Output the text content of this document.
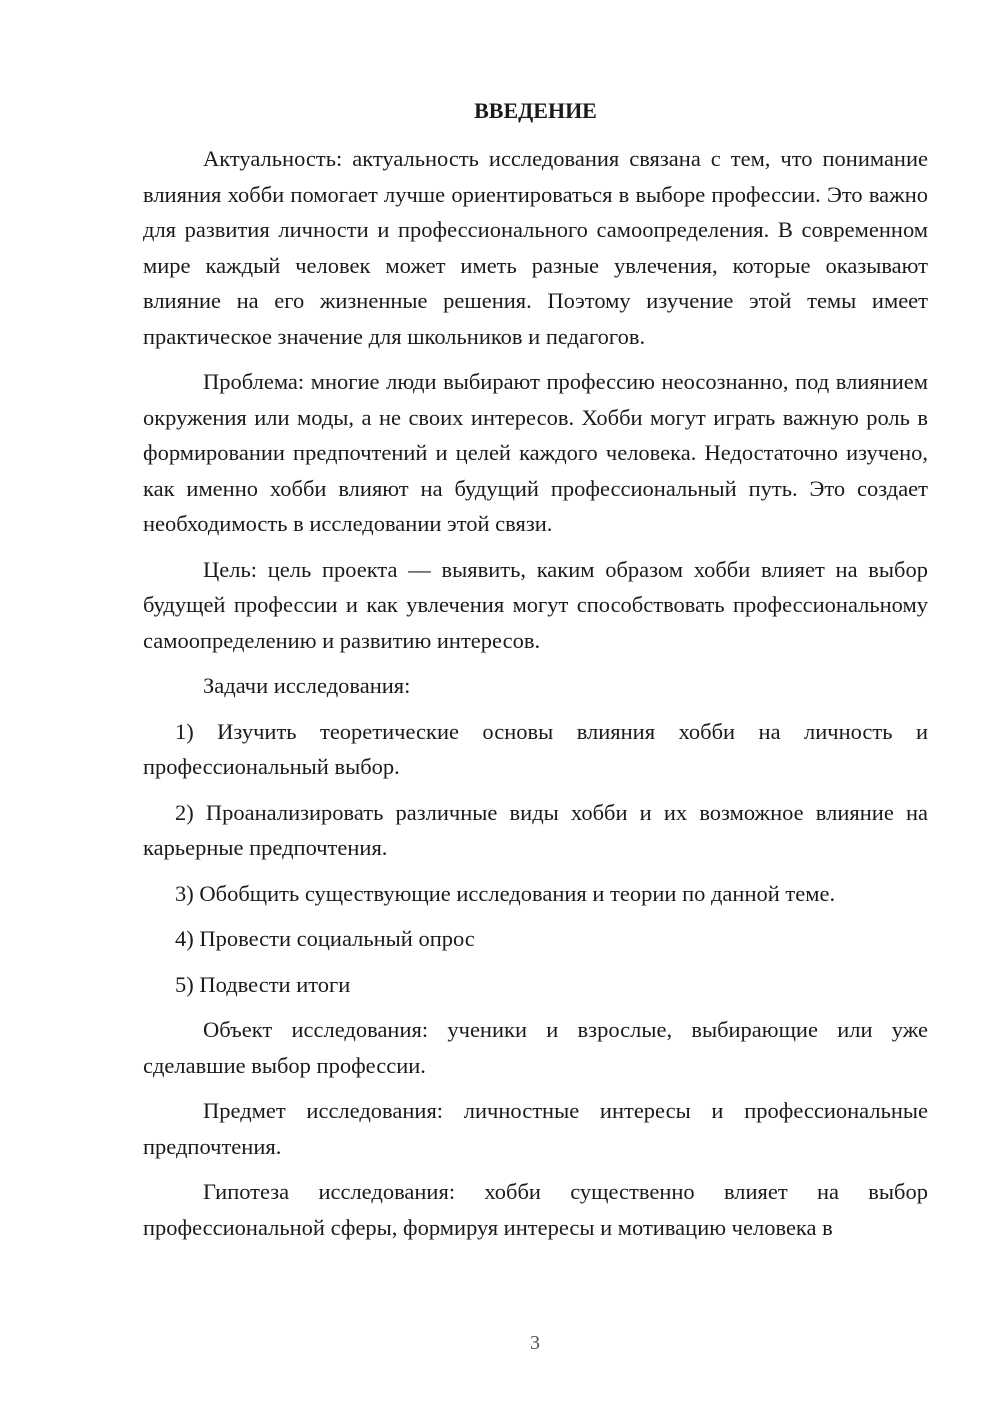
ВВЕДЕНИЕ

Актуальность: актуальность исследования связана с тем, что понимание влияния хобби помогает лучше ориентироваться в выборе профессии. Это важно для развития личности и профессионального самоопределения. В современном мире каждый человек может иметь разные увлечения, которые оказывают влияние на его жизненные решения. Поэтому изучение этой темы имеет практическое значение для школьников и педагогов.

Проблема: многие люди выбирают профессию неосознанно, под влиянием окружения или моды, а не своих интересов. Хобби могут играть важную роль в формировании предпочтений и целей каждого человека. Недостаточно изучено, как именно хобби влияют на будущий профессиональный путь. Это создает необходимость в исследовании этой связи.

Цель: цель проекта — выявить, каким образом хобби влияет на выбор будущей профессии и как увлечения могут способствовать профессиональному самоопределению и развитию интересов.

Задачи исследования:

1) Изучить теоретические основы влияния хобби на личность и профессиональный выбор.

2) Проанализировать различные виды хобби и их возможное влияние на карьерные предпочтения.

3) Обобщить существующие исследования и теории по данной теме.

4) Провести социальный опрос

5) Подвести итоги

Объект исследования: ученики и взрослые, выбирающие или уже сделавшие выбор профессии.

Предмет исследования: личностные интересы и профессиональные предпочтения.

Гипотеза исследования: хобби существенно влияет на выбор профессиональной сферы, формируя интересы и мотивацию человека в

3
